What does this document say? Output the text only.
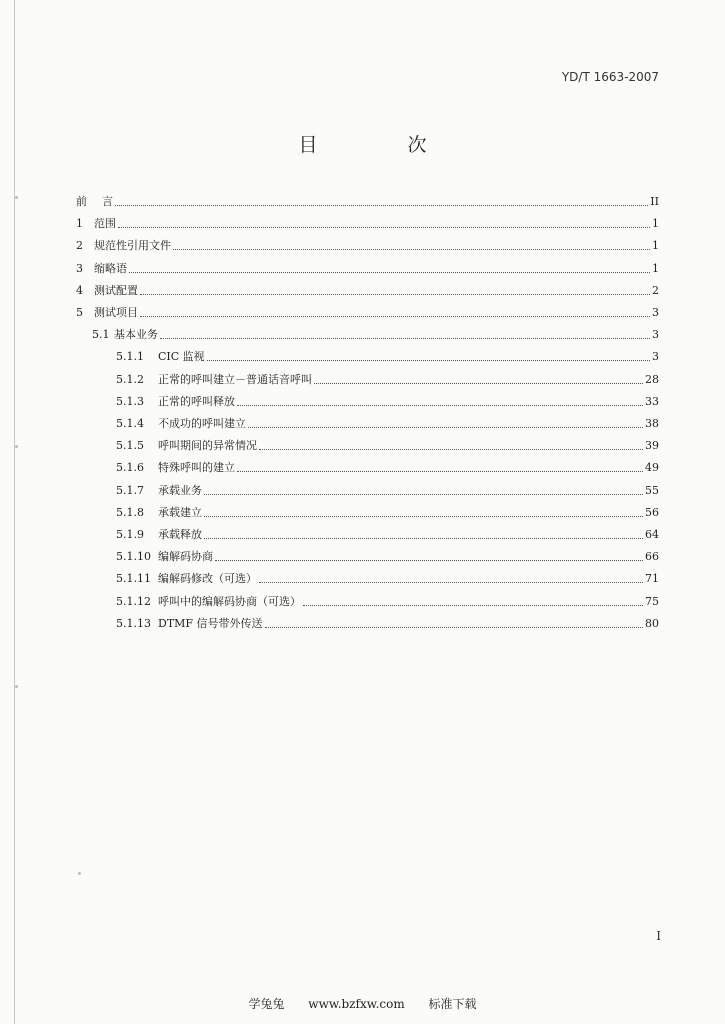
YD/T 1663-2007
目 次
前	言	II
1	范围	1
2	规范性引用文件	1
3	缩略语	1
4	测试配置	2
5	测试项目	3
5.1 基本业务	3
5.1.1	CIC 监视	3
5.1.2	正常的呼叫建立－普通话音呼叫	28
5.1.3	正常的呼叫释放	33
5.1.4	不成功的呼叫建立	38
5.1.5	呼叫期间的异常情况	39
5.1.6	特殊呼叫的建立	49
5.1.7	承载业务	55
5.1.8	承载建立	56
5.1.9	承载释放	64
5.1.10 编解码协商	66
5.1.11 编解码修改（可选）	71
5.1.12 呼叫中的编解码协商（可选）	75
5.1.13 DTMF 信号带外传送	80
I
学兔兔 www.bzfxw.com 标准下载
